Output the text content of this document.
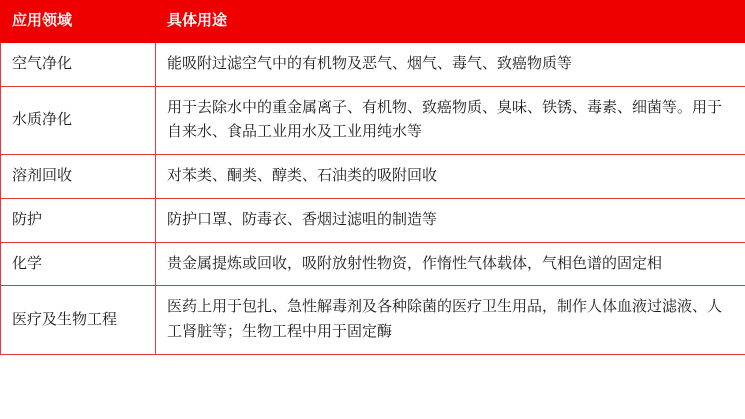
应用领域	具体用途
空气净化	能吸附过滤空气中的有机物及恶气、烟气、毒气、致癌物质等
水质净化	用于去除水中的重金属离子、有机物、致癌物质、臭味、铁锈、毒素、细菌等。用于自来水、食品工业用水及工业用纯水等
溶剂回收	对苯类、酮类、醇类、石油类的吸附回收
防护	防护口罩、防毒衣、香烟过滤咀的制造等
化学	贵金属提炼或回收，吸附放射性物资，作惰性气体载体，气相色谱的固定相
医疗及生物工程	医药上用于包扎、急性解毒剂及各种除菌的医疗卫生用品，制作人体血液过滤液、人工肾脏等；生物工程中用于固定酶
